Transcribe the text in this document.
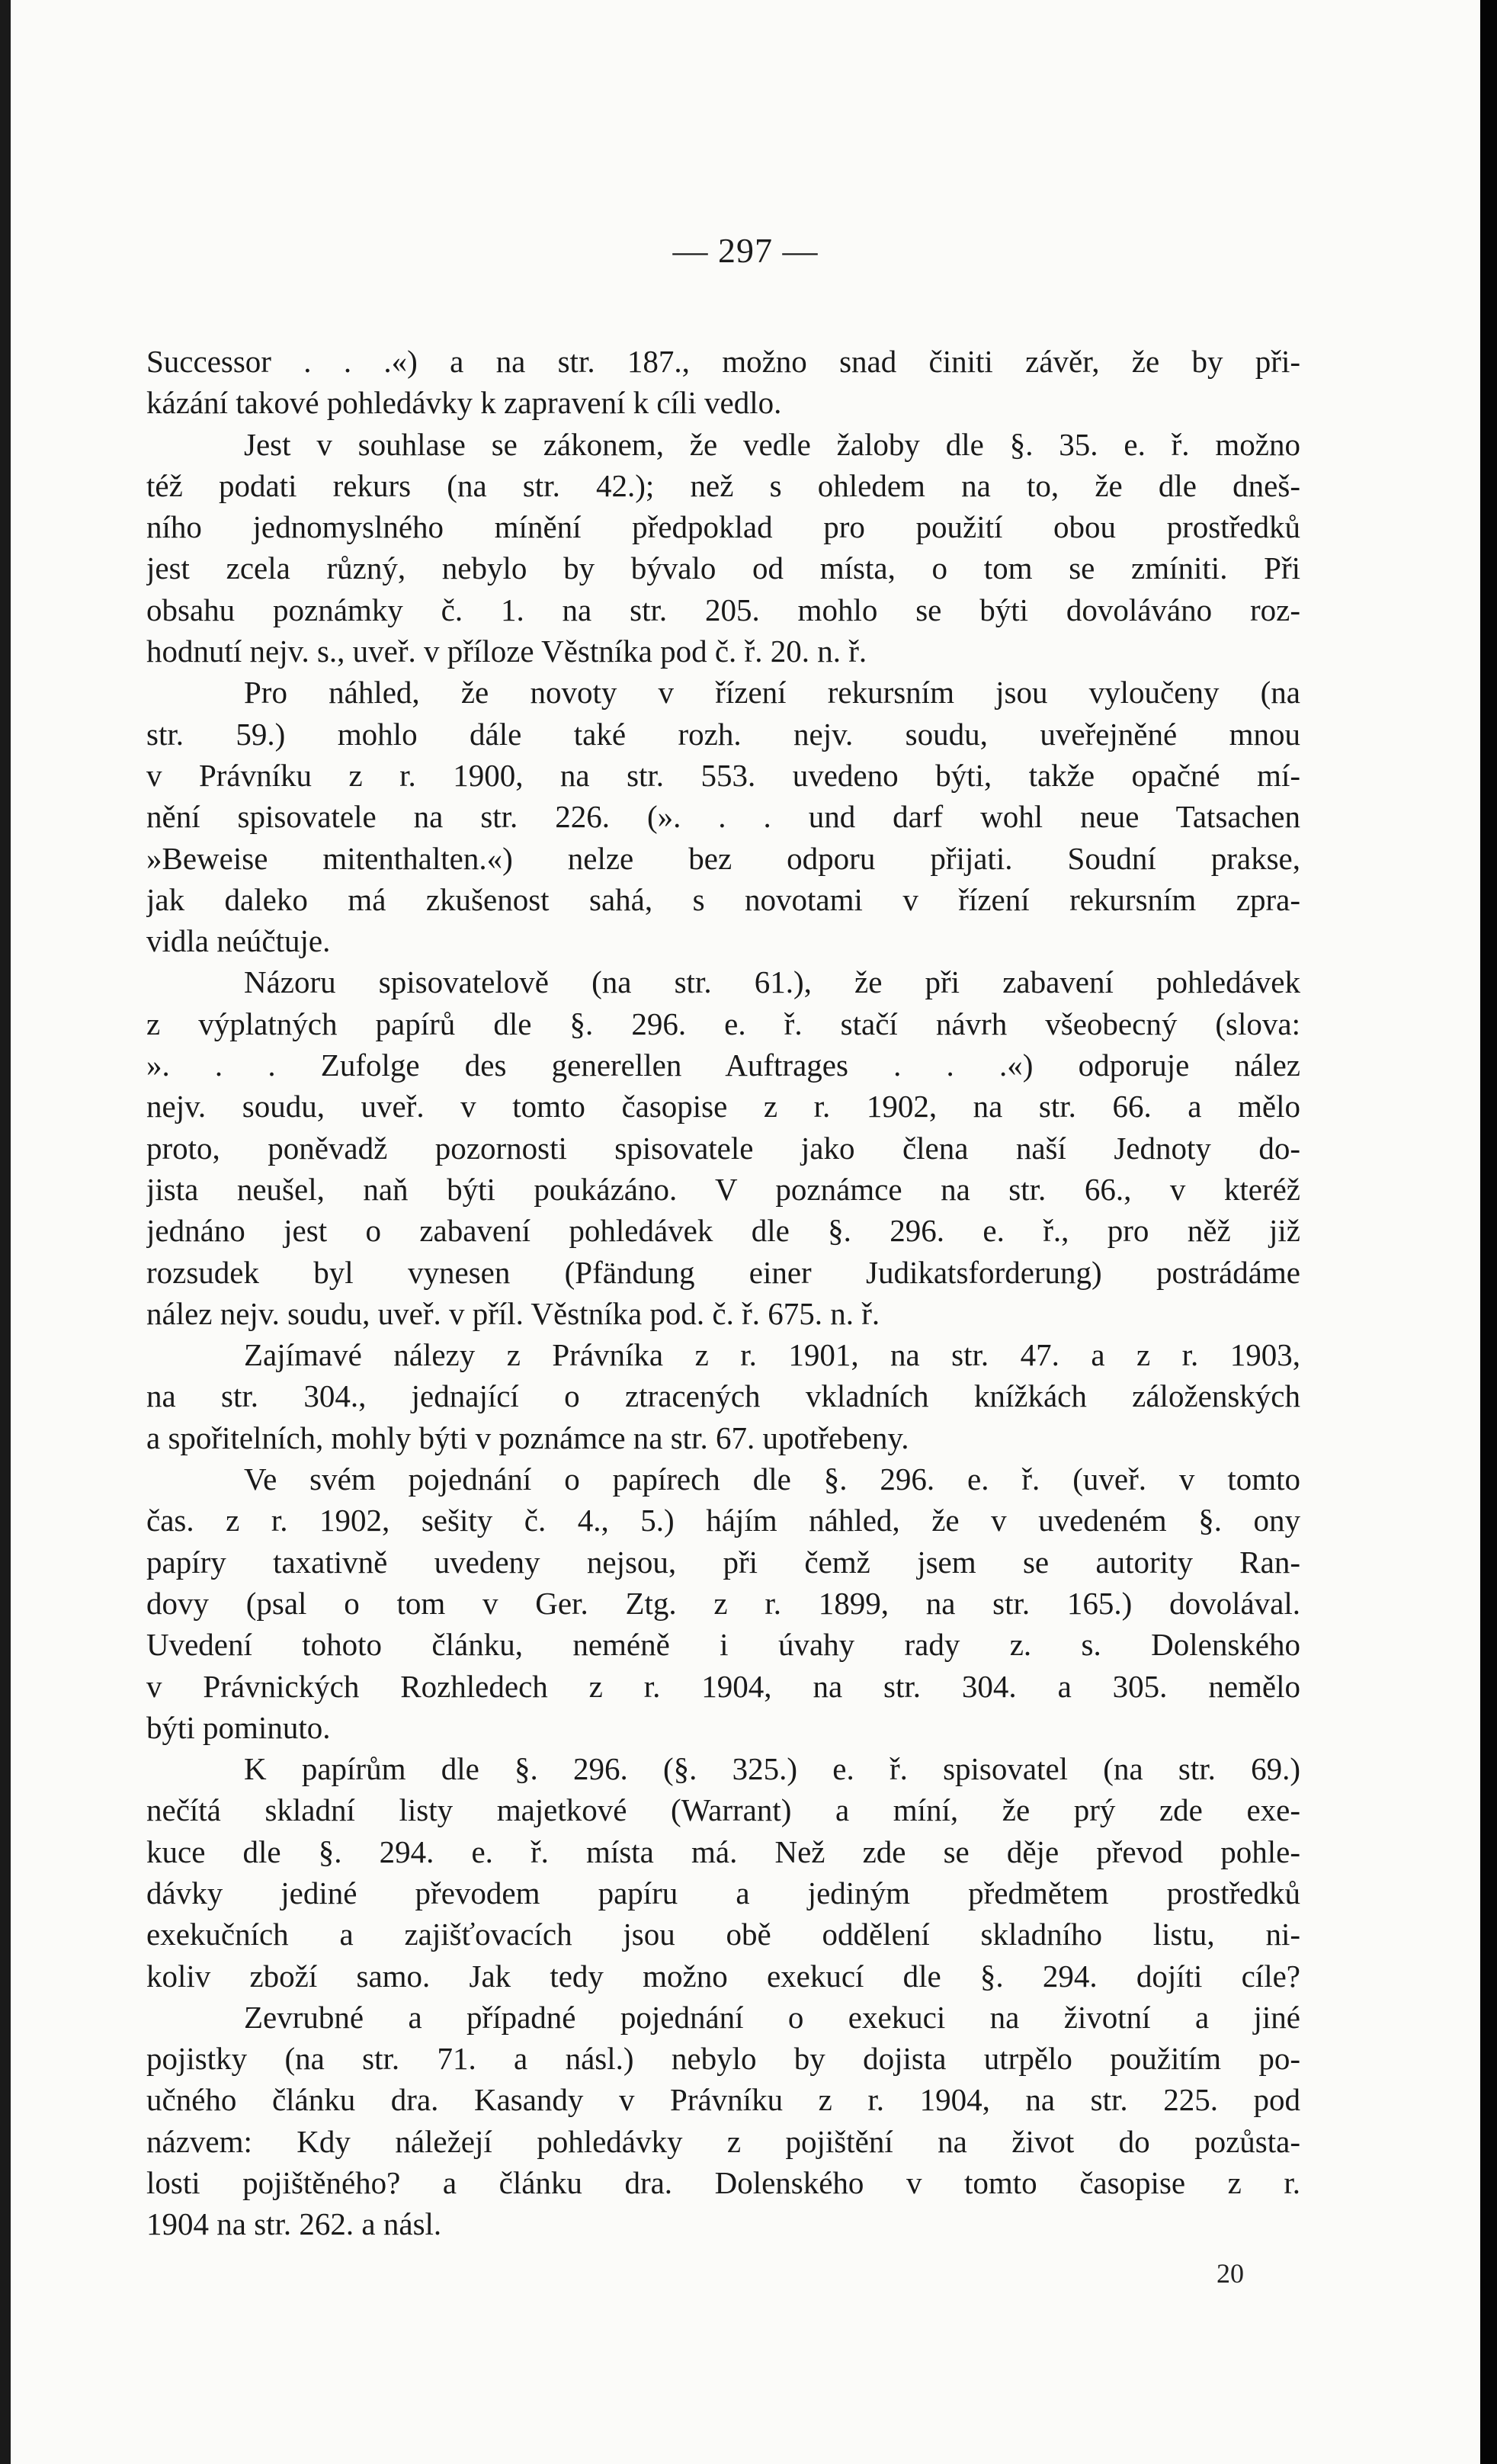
— 297 —
Successor . . .«) a na str. 187., možno snad činiti závěr, že by při-
kázání takové pohledávky k zapravení k cíli vedlo.
Jest v souhlase se zákonem, že vedle žaloby dle §. 35. e. ř. možno
též podati rekurs (na str. 42.); než s ohledem na to, že dle dneš-
ního jednomyslného mínění předpoklad pro použití obou prostředků
jest zcela různý, nebylo by bývalo od místa, o tom se zmíniti. Při
obsahu poznámky č. 1. na str. 205. mohlo se býti dovoláváno roz-
hodnutí nejv. s., uveř. v příloze Věstníka pod č. ř. 20. n. ř.
Pro náhled, že novoty v řízení rekursním jsou vyloučeny (na
str. 59.) mohlo dále také rozh. nejv. soudu, uveřejněné mnou
v Právníku z r. 1900, na str. 553. uvedeno býti, takže opačné mí-
nění spisovatele na str. 226. (». . . und darf wohl neue Tatsachen
»Beweise mitenthalten.«) nelze bez odporu přijati. Soudní prakse,
jak daleko má zkušenost sahá, s novotami v řízení rekursním zpra-
vidla neúčtuje.
Názoru spisovatelově (na str. 61.), že při zabavení pohledávek
z výplatných papírů dle §. 296. e. ř. stačí návrh všeobecný (slova:
». . . Zufolge des generellen Auftrages . . .«) odporuje nález
nejv. soudu, uveř. v tomto časopise z r. 1902, na str. 66. a mělo
proto, poněvadž pozornosti spisovatele jako člena naší Jednoty do-
jista neušel, naň býti poukázáno. V poznámce na str. 66., v kteréž
jednáno jest o zabavení pohledávek dle §. 296. e. ř., pro něž již
rozsudek byl vynesen (Pfändung einer Judikatsforderung) postrádáme
nález nejv. soudu, uveř. v příl. Věstníka pod. č. ř. 675. n. ř.
Zajímavé nálezy z Právníka z r. 1901, na str. 47. a z r. 1903,
na str. 304., jednající o ztracených vkladních knížkách záloženských
a spořitelních, mohly býti v poznámce na str. 67. upotřebeny.
Ve svém pojednání o papírech dle §. 296. e. ř. (uveř. v tomto
čas. z r. 1902, sešity č. 4., 5.) hájím náhled, že v uvedeném §. ony
papíry taxativně uvedeny nejsou, při čemž jsem se autority Ran-
dovy (psal o tom v Ger. Ztg. z r. 1899, na str. 165.) dovolával.
Uvedení tohoto článku, neméně i úvahy rady z. s. Dolenského
v Právnických Rozhledech z r. 1904, na str. 304. a 305. nemělo
býti pominuto.
K papírům dle §. 296. (§. 325.) e. ř. spisovatel (na str. 69.)
nečítá skladní listy majetkové (Warrant) a míní, že prý zde exe-
kuce dle §. 294. e. ř. místa má. Než zde se děje převod pohle-
dávky jediné převodem papíru a jediným předmětem prostředků
exekučních a zajišťovacích jsou obě oddělení skladního listu, ni-
koliv zboží samo. Jak tedy možno exekucí dle §. 294. dojíti cíle?
Zevrubné a případné pojednání o exekuci na životní a jiné
pojistky (na str. 71. a násl.) nebylo by dojista utrpělo použitím po-
učného článku dra. Kasandy v Právníku z r. 1904, na str. 225. pod
názvem: Kdy náležejí pohledávky z pojištění na život do pozůsta-
losti pojištěného? a článku dra. Dolenského v tomto časopise z r.
1904 na str. 262. a násl.
20
